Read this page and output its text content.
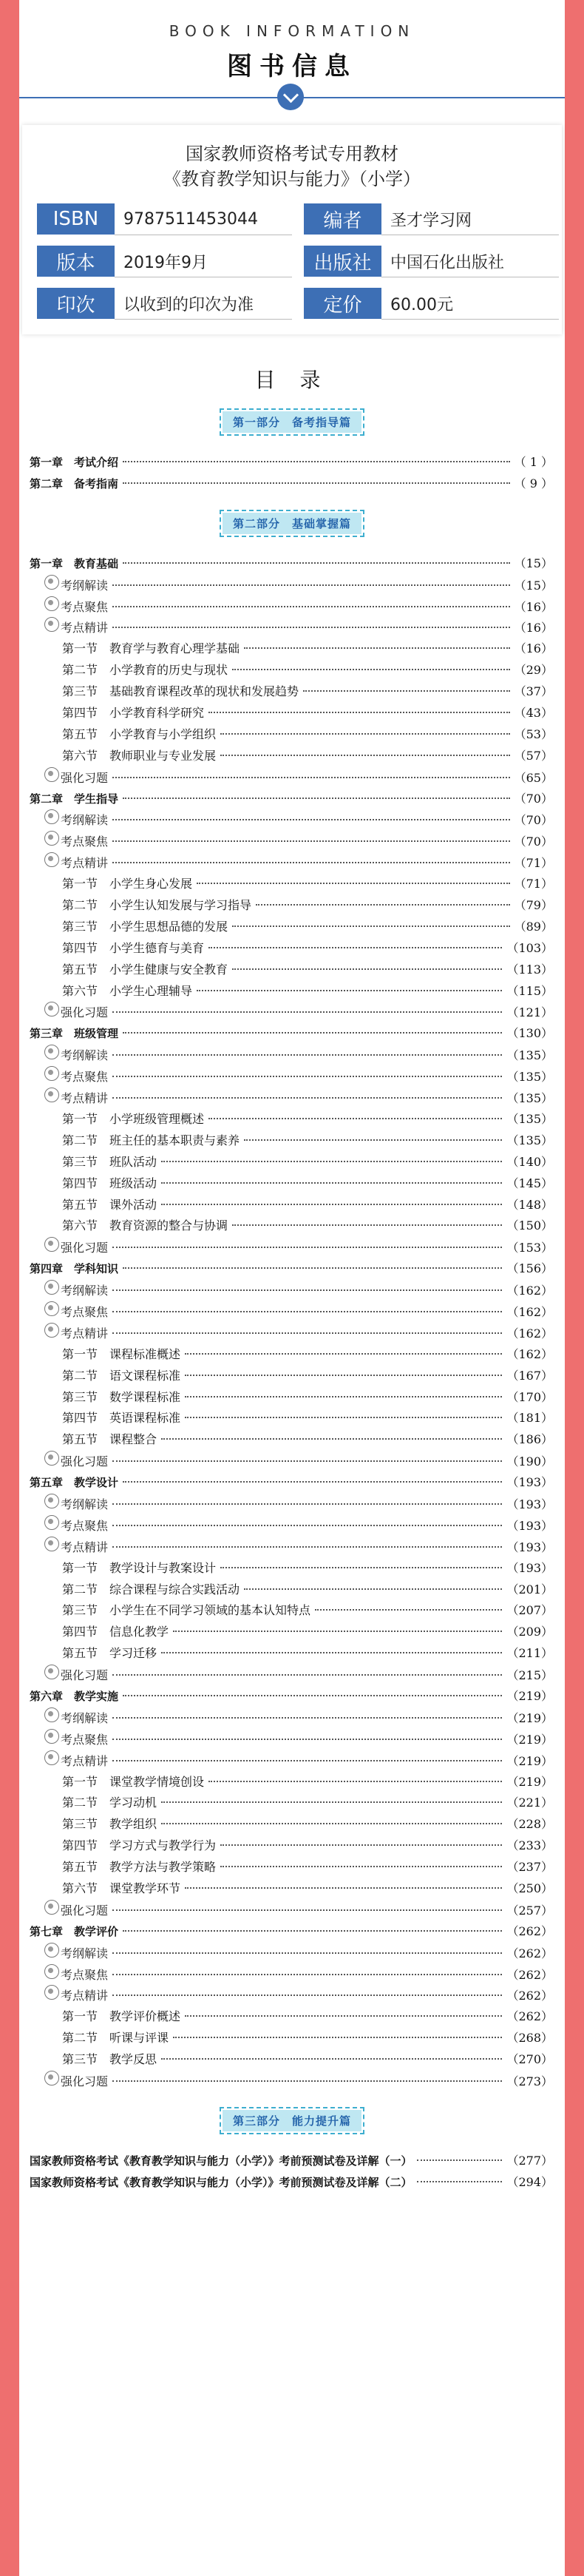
BOOK INFORMATION
图书信息
国家教师资格考试专用教材
《教育教学知识与能力》（小学）
ISBN	9787511453044	编者	圣才学习网
版本	2019年9月	出版社	中国石化出版社
印次	以收到的印次为准	定价	60.00元
目 录
第一部分　备考指导篇
第一章　考试介绍	（ 1 ）
第二章　备考指南	（ 9 ）
第二部分　基础掌握篇
第一章　教育基础	（15）
考纲解读	（15）
考点聚焦	（16）
考点精讲	（16）
第一节　教育学与教育心理学基础	（16）
第二节　小学教育的历史与现状	（29）
第三节　基础教育课程改革的现状和发展趋势	（37）
第四节　小学教育科学研究	（43）
第五节　小学教育与小学组织	（53）
第六节　教师职业与专业发展	（57）
强化习题	（65）
第二章　学生指导	（70）
考纲解读	（70）
考点聚焦	（70）
考点精讲	（71）
第一节　小学生身心发展	（71）
第二节　小学生认知发展与学习指导	（79）
第三节　小学生思想品德的发展	（89）
第四节　小学生德育与美育	（103）
第五节　小学生健康与安全教育	（113）
第六节　小学生心理辅导	（115）
强化习题	（121）
第三章　班级管理	（130）
考纲解读	（135）
考点聚焦	（135）
考点精讲	（135）
第一节　小学班级管理概述	（135）
第二节　班主任的基本职责与素养	（135）
第三节　班队活动	（140）
第四节　班级活动	（145）
第五节　课外活动	（148）
第六节　教育资源的整合与协调	（150）
强化习题	（153）
第四章　学科知识	（156）
考纲解读	（162）
考点聚焦	（162）
考点精讲	（162）
第一节　课程标准概述	（162）
第二节　语文课程标准	（167）
第三节　数学课程标准	（170）
第四节　英语课程标准	（181）
第五节　课程整合	（186）
强化习题	（190）
第五章　教学设计	（193）
考纲解读	（193）
考点聚焦	（193）
考点精讲	（193）
第一节　教学设计与教案设计	（193）
第二节　综合课程与综合实践活动	（201）
第三节　小学生在不同学习领域的基本认知特点	（207）
第四节　信息化教学	（209）
第五节　学习迁移	（211）
强化习题	（215）
第六章　教学实施	（219）
考纲解读	（219）
考点聚焦	（219）
考点精讲	（219）
第一节　课堂教学情境创设	（219）
第二节　学习动机	（221）
第三节　教学组织	（228）
第四节　学习方式与教学行为	（233）
第五节　教学方法与教学策略	（237）
第六节　课堂教学环节	（250）
强化习题	（257）
第七章　教学评价	（262）
考纲解读	（262）
考点聚焦	（262）
考点精讲	（262）
第一节　教学评价概述	（262）
第二节　听课与评课	（268）
第三节　教学反思	（270）
强化习题	（273）
第三部分　能力提升篇
国家教师资格考试《教育教学知识与能力（小学）》考前预测试卷及详解（一）	（277）
国家教师资格考试《教育教学知识与能力（小学）》考前预测试卷及详解（二）	（294）
